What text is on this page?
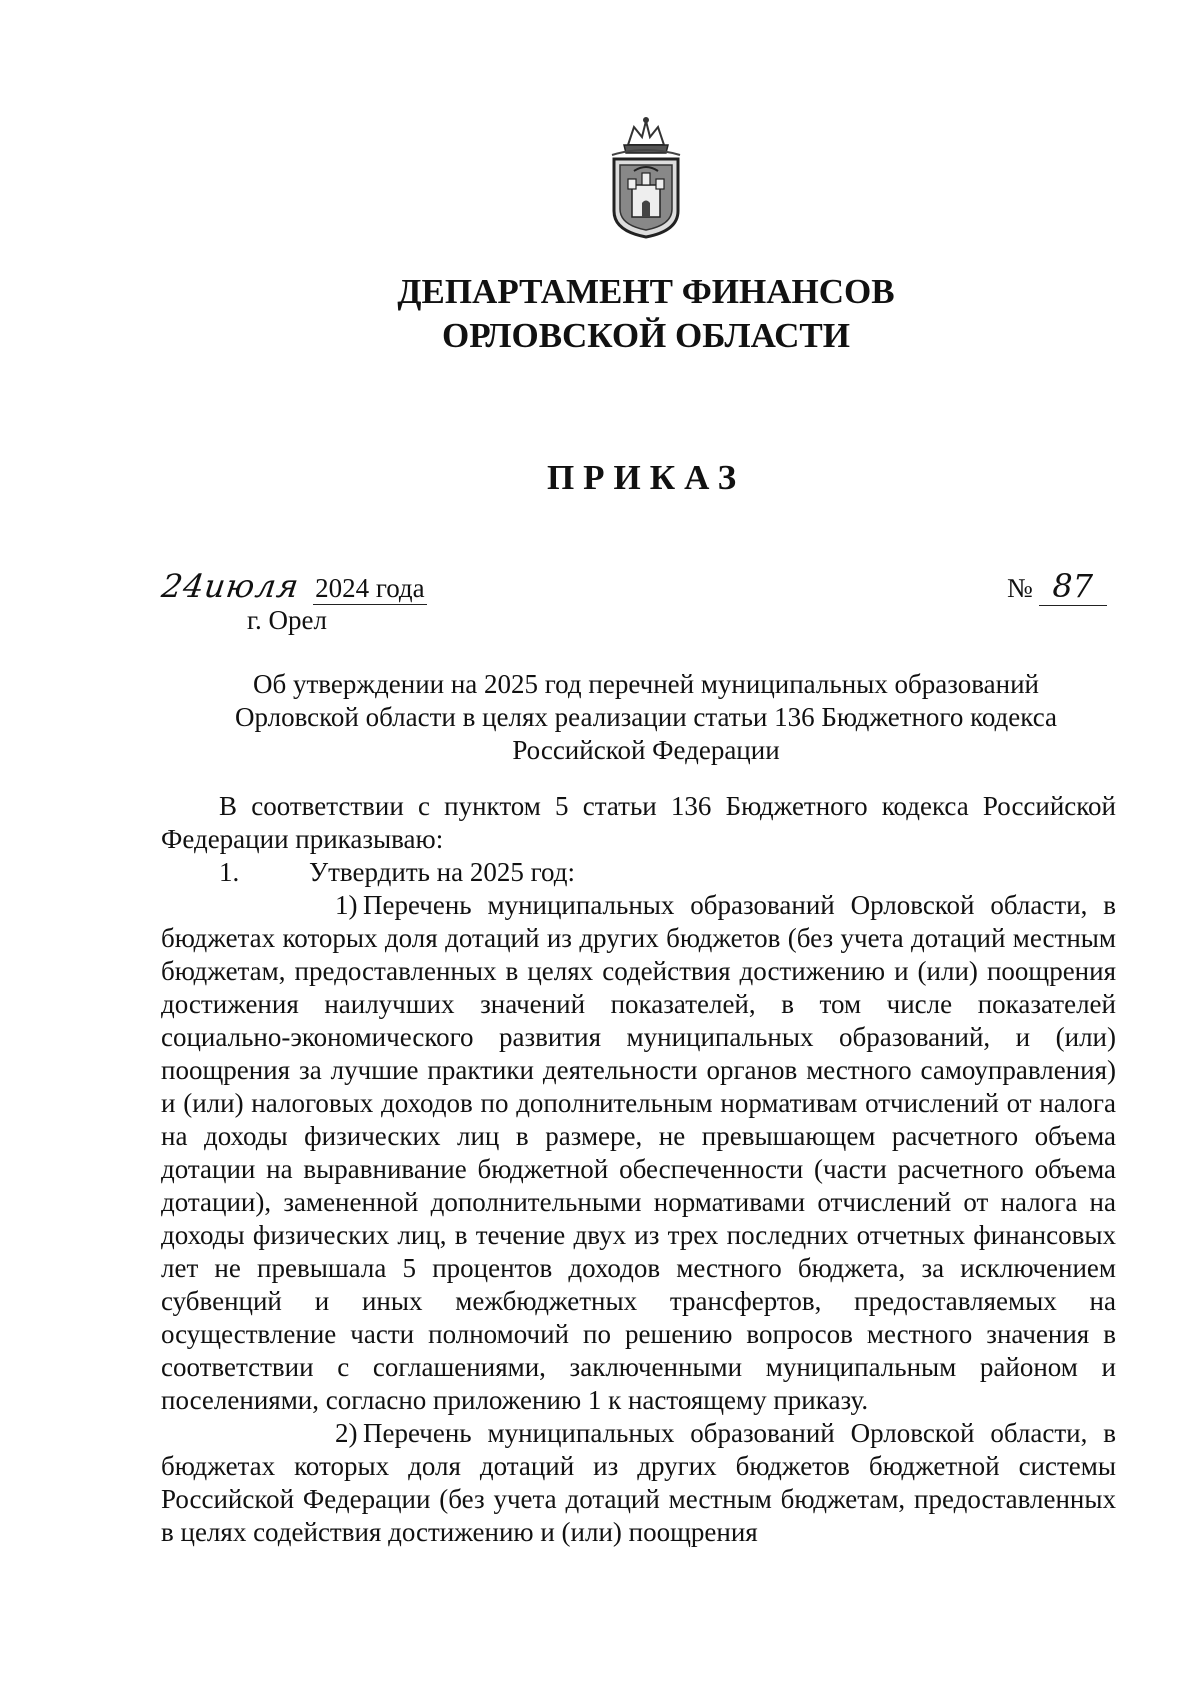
ДЕПАРТАМЕНТ ФИНАНСОВ
ОРЛОВСКОЙ ОБЛАСТИ
ПРИКАЗ
24июля 2024 года
г. Орел
№ 87
Об утверждении на 2025 год перечней муниципальных образований
Орловской области в целях реализации статьи 136 Бюджетного кодекса
Российской Федерации

В соответствии с пунктом 5 статьи 136 Бюджетного кодекса Российской Федерации приказываю:

1.	Утвердить на 2025 год:

1) Перечень муниципальных образований Орловской области, в бюджетах которых доля дотаций из других бюджетов (без учета дотаций местным бюджетам, предоставленных в целях содействия достижению и (или) поощрения достижения наилучших значений показателей, в том числе показателей социально-экономического развития муниципальных образований, и (или) поощрения за лучшие практики деятельности органов местного самоуправления) и (или) налоговых доходов по дополнительным нормативам отчислений от налога на доходы физических лиц в размере, не превышающем расчетного объема дотации на выравнивание бюджетной обеспеченности (части расчетного объема дотации), замененной дополнительными нормативами отчислений от налога на доходы физических лиц, в течение двух из трех последних отчетных финансовых лет не превышала 5 процентов доходов местного бюджета, за исключением субвенций и иных межбюджетных трансфертов, предоставляемых на осуществление части полномочий по решению вопросов местного значения в соответствии с соглашениями, заключенными муниципальным районом и поселениями, согласно приложению 1 к настоящему приказу.

2) Перечень муниципальных образований Орловской области, в бюджетах которых доля дотаций из других бюджетов бюджетной системы Российской Федерации (без учета дотаций местным бюджетам, предоставленных в целях содействия достижению и (или) поощрения
